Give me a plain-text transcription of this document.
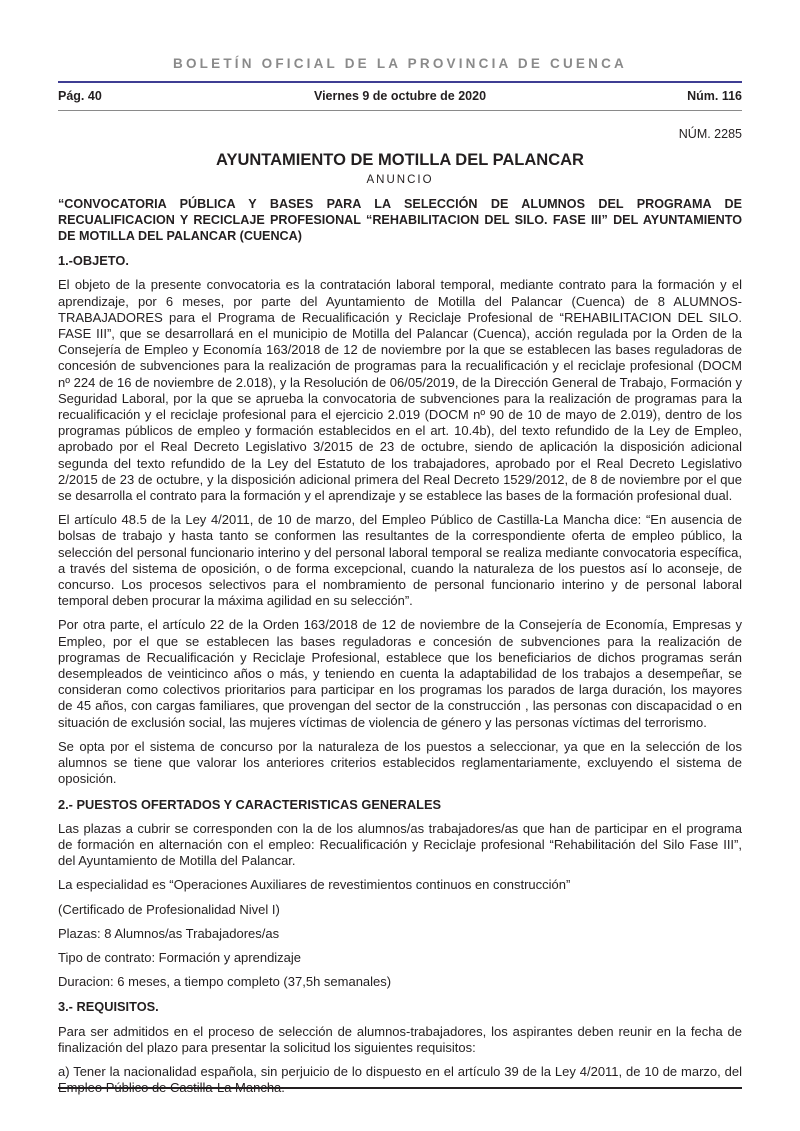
BOLETÍN OFICIAL DE LA PROVINCIA DE CUENCA
Viernes 9 de octubre de 2020
Pág. 40	Núm. 116

NÚM. 2285

AYUNTAMIENTO DE MOTILLA DEL PALANCAR
ANUNCIO
“CONVOCATORIA PÚBLICA Y BASES PARA LA SELECCIÓN DE ALUMNOS DEL PROGRAMA DE RECUALIFICACION Y RECICLAJE PROFESIONAL “REHABILITACION DEL SILO. FASE III” DEL AYUNTAMIENTO DE MOTILLA DEL PALANCAR (CUENCA)
1.-OBJETO.

El objeto de la presente convocatoria es la contratación laboral temporal, mediante contrato para la formación y el aprendizaje, por 6 meses, por parte del Ayuntamiento de Motilla del Palancar (Cuenca) de 8 ALUMNOS-TRABAJADORES para el Programa de Recualificación y Reciclaje Profesional de “REHABILITACION DEL SILO. FASE III”, que se desarrollará en el municipio de Motilla del Palancar (Cuenca), acción regulada por la Orden de la Consejería de Empleo y Economía 163/2018 de 12 de noviembre por la que se establecen las bases reguladoras de concesión de subvenciones para la realización de programas para la recualificación y el reciclaje profesional (DOCM nº 224 de 16 de noviembre de 2.018), y la Resolución de 06/05/2019, de la Dirección General de Trabajo, Formación y Seguridad Laboral, por la que se aprueba la convocatoria de subvenciones para la realización de programas para la recualificación y el reciclaje profesional para el ejercicio 2.019 (DOCM nº 90 de 10 de mayo de 2.019), dentro de los programas públicos de empleo y formación establecidos en el art. 10.4b), del texto refundido de la Ley de Empleo, aprobado por el Real Decreto Legislativo 3/2015 de 23 de octubre, siendo de aplicación la disposición adicional segunda del texto refundido de la Ley del Estatuto de los trabajadores, aprobado por el Real Decreto Legislativo 2/2015 de 23 de octubre, y la disposición adicional primera del Real Decreto 1529/2012, de 8 de noviembre por el que se desarrolla el contrato para la formación y el aprendizaje y se establece las bases de la formación profesional dual.

El artículo 48.5 de la Ley 4/2011, de 10 de marzo, del Empleo Público de Castilla-La Mancha dice: “En ausencia de bolsas de trabajo y hasta tanto se conformen las resultantes de la correspondiente oferta de empleo público, la selección del personal funcionario interino y del personal laboral temporal se realiza mediante convocatoria específica, a través del sistema de oposición, o de forma excepcional, cuando la naturaleza de los puestos así lo aconseje, de concurso. Los procesos selectivos para el nombramiento de personal funcionario interino y de personal laboral temporal deben procurar la máxima agilidad en su selección”.

Por otra parte, el artículo 22 de la Orden 163/2018 de 12 de noviembre de la Consejería de Economía, Empresas y Empleo, por el que se establecen las bases reguladoras e concesión de subvenciones para la realización de programas de Recualificación y Reciclaje Profesional, establece que los beneficiarios de dichos programas serán desempleados de veinticinco años o más, y teniendo en cuenta la adaptabilidad de los trabajos a desempeñar, se consideran como colectivos prioritarios para participar en los programas los parados de larga duración, los mayores de 45 años, con cargas familiares, que provengan del sector de la construcción , las personas con discapacidad o en situación de exclusión social, las mujeres víctimas de violencia de género y las personas víctimas del terrorismo.

Se opta por el sistema de concurso por la naturaleza de los puestos a seleccionar, ya que en la selección de los alumnos se tiene que valorar los anteriores criterios establecidos reglamentariamente, excluyendo el sistema de oposición.

2.- PUESTOS OFERTADOS Y CARACTERISTICAS GENERALES

Las plazas a cubrir se corresponden con la de los alumnos/as trabajadores/as que han de participar en el programa de formación en alternación con el empleo: Recualificación y Reciclaje profesional “Rehabilitación del Silo Fase III”, del Ayuntamiento de Motilla del Palancar.

La especialidad es “Operaciones Auxiliares de revestimientos continuos en construcción”

(Certificado de Profesionalidad Nivel I)

Plazas: 8 Alumnos/as Trabajadores/as

Tipo de contrato: Formación y aprendizaje

Duracion: 6 meses, a tiempo completo (37,5h semanales)

3.- REQUISITOS.

Para ser admitidos en el proceso de selección de alumnos-trabajadores, los aspirantes deben reunir en la fecha de finalización del plazo para presentar la solicitud los siguientes requisitos:

a) Tener la nacionalidad española, sin perjuicio de lo dispuesto en el artículo 39 de la Ley 4/2011, de 10 de marzo, del Empleo Público de Castilla-La Mancha.
